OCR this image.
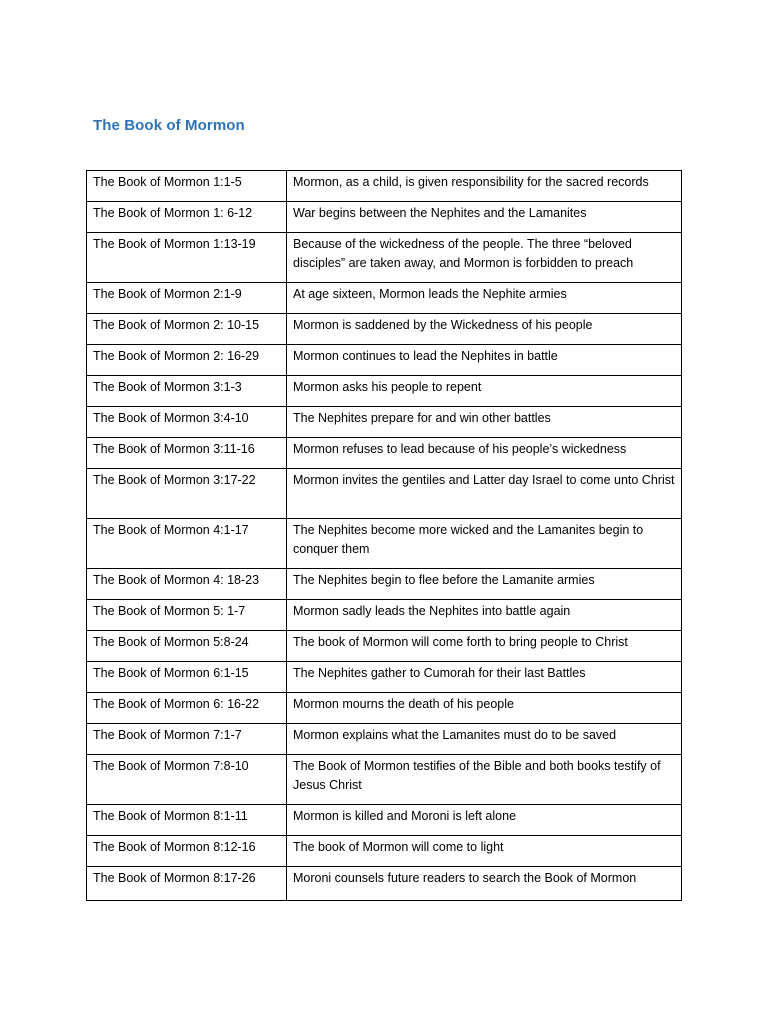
The Book of Mormon
The Book of Mormon 1:1-5	Mormon, as a child, is given responsibility for the sacred records
The Book of Mormon 1: 6-12	War begins between the Nephites and the Lamanites
The Book of Mormon 1:13-19	Because of the wickedness of the people. The three “beloved disciples” are taken away, and Mormon is forbidden to preach
The Book of Mormon 2:1-9	At age sixteen, Mormon leads the Nephite armies
The Book of Mormon 2: 10-15	Mormon is saddened by the Wickedness of his people
The Book of Mormon 2: 16-29	Mormon continues to lead the Nephites in battle
The Book of Mormon 3:1-3	Mormon asks his people to repent
The Book of Mormon 3:4-10	The Nephites prepare for and win other battles
The Book of Mormon 3:11-16	Mormon refuses to lead because of his people’s wickedness
The Book of Mormon 3:17-22	Mormon invites the gentiles and Latter day Israel to come unto Christ
The Book of Mormon 4:1-17	The Nephites become more wicked and the Lamanites begin to conquer them
The Book of Mormon 4: 18-23	The Nephites begin to flee before the Lamanite armies
The Book of Mormon 5: 1-7	Mormon sadly leads the Nephites into battle again
The Book of Mormon 5:8-24	The book of Mormon will come forth to bring people to Christ
The Book of Mormon 6:1-15	The Nephites gather to Cumorah for their last Battles
The Book of Mormon 6: 16-22	Mormon mourns the death of his people
The Book of Mormon 7:1-7	Mormon explains what the Lamanites must do to be saved
The Book of Mormon 7:8-10	The Book of Mormon testifies of the Bible and both books testify of Jesus Christ
The Book of Mormon 8:1-11	Mormon is killed and Moroni is left alone
The Book of Mormon 8:12-16	The book of Mormon will come to light
The Book of Mormon 8:17-26	Moroni counsels future readers to search the Book of Mormon
